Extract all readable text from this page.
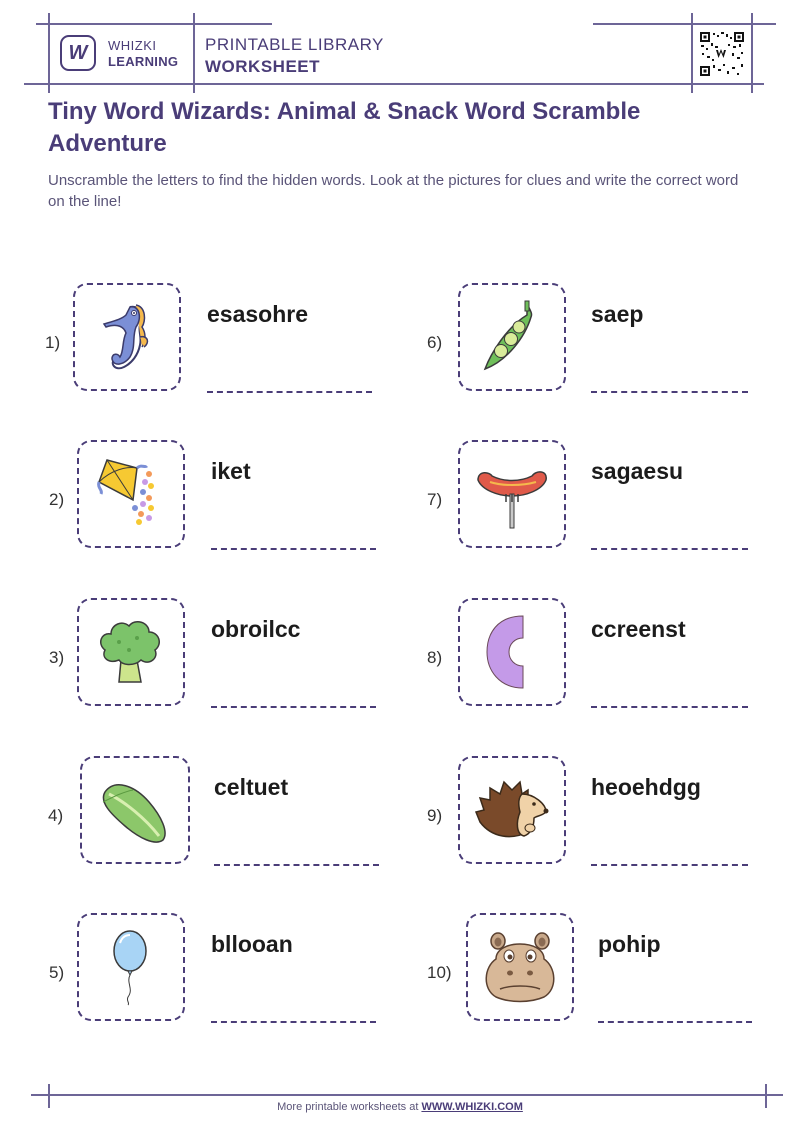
W WHIZKI
LEARNING
PRINTABLE LIBRARY
WORKSHEET
Tiny Word Wizards: Animal & Snack Word Scramble Adventure
Unscramble the letters to find the hidden words. Look at the pictures for clues and write the correct word on the line!
1)
esasohre
2)
iket
3)
obroilcc
4)
celtuet
5)
bllooan
6)
saep
7)
sagaesu
8)
ccreenst
9)
heoehdgg
10)
pohip
More printable worksheets at WWW.WHIZKI.COM
